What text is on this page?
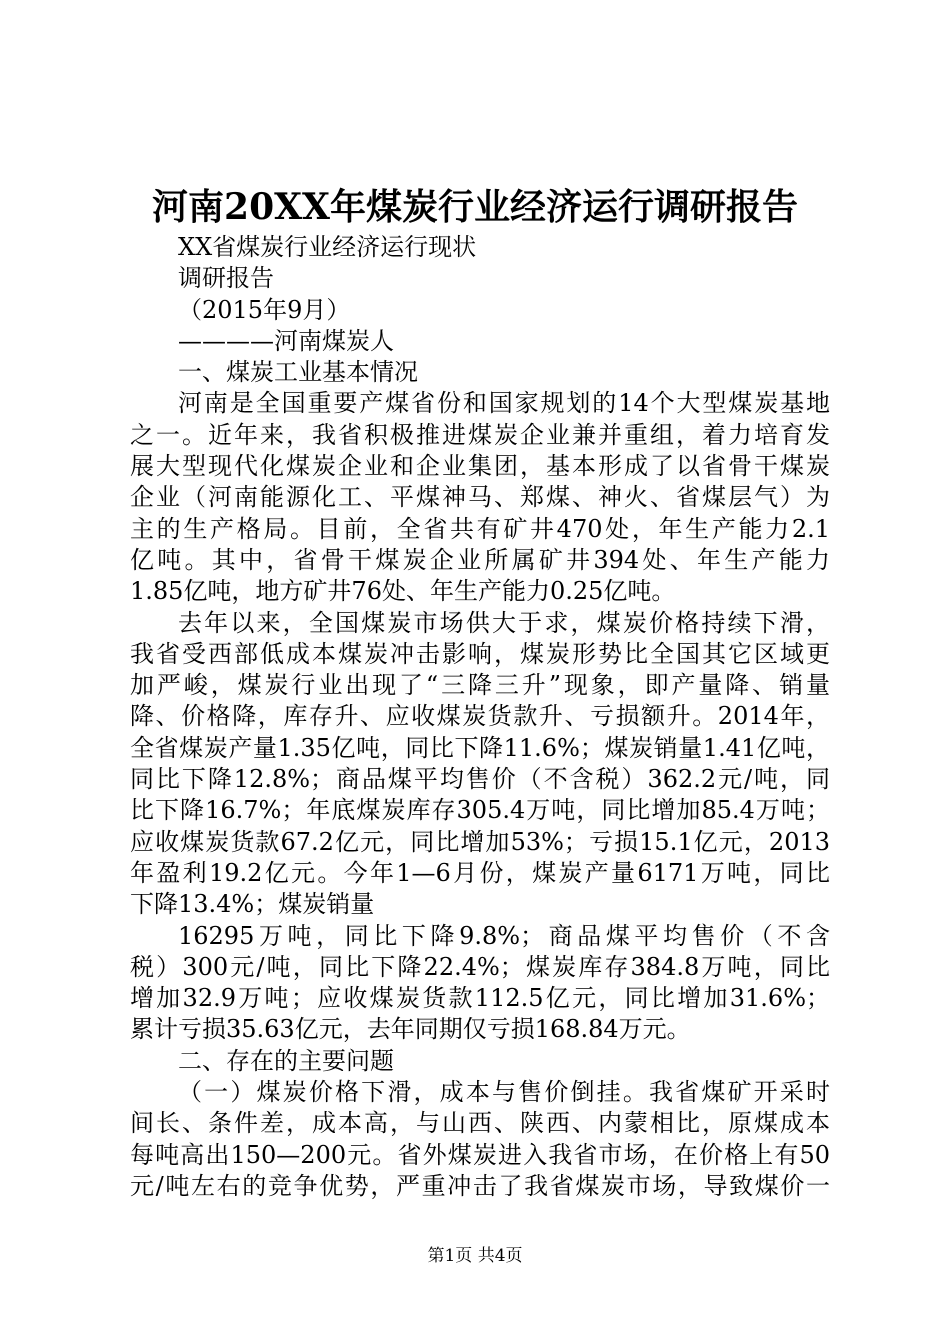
河南20XX年煤炭行业经济运行调研报告
XX省煤炭行业经济运行现状
调研报告
（2015年9月）
————河南煤炭人
一、煤炭工业基本情况
河南是全国重要产煤省份和国家规划的14个大型煤炭基地
之一。近年来，我省积极推进煤炭企业兼并重组，着力培育发
展大型现代化煤炭企业和企业集团，基本形成了以省骨干煤炭
企业（河南能源化工、平煤神马、郑煤、神火、省煤层气）为
主的生产格局。目前，全省共有矿井470处，年生产能力2.1
亿吨。其中，省骨干煤炭企业所属矿井394处、年生产能力
1.85亿吨，地方矿井76处、年生产能力0.25亿吨。
去年以来，全国煤炭市场供大于求，煤炭价格持续下滑，
我省受西部低成本煤炭冲击影响，煤炭形势比全国其它区域更
加严峻，煤炭行业出现了“三降三升”现象，即产量降、销量
降、价格降，库存升、应收煤炭货款升、亏损额升。2014年，
全省煤炭产量1.35亿吨，同比下降11.6%；煤炭销量1.41亿吨，
同比下降12.8%；商品煤平均售价（不含税）362.2元/吨，同
比下降16.7%；年底煤炭库存305.4万吨，同比增加85.4万吨；
应收煤炭货款67.2亿元，同比增加53%；亏损15.1亿元，2013
年盈利19.2亿元。今年1—6月份，煤炭产量6171万吨，同比
下降13.4%；煤炭销量
16295万吨，同比下降9.8%；商品煤平均售价（不含
税）300元/吨，同比下降22.4%；煤炭库存384.8万吨，同比
增加32.9万吨；应收煤炭货款112.5亿元，同比增加31.6%；
累计亏损35.63亿元，去年同期仅亏损168.84万元。
二、存在的主要问题
（一）煤炭价格下滑，成本与售价倒挂。我省煤矿开采时
间长、条件差，成本高，与山西、陕西、内蒙相比，原煤成本
每吨高出150—200元。省外煤炭进入我省市场，在价格上有50
元/吨左右的竞争优势，严重冲击了我省煤炭市场，导致煤价一
第1页 共4页
